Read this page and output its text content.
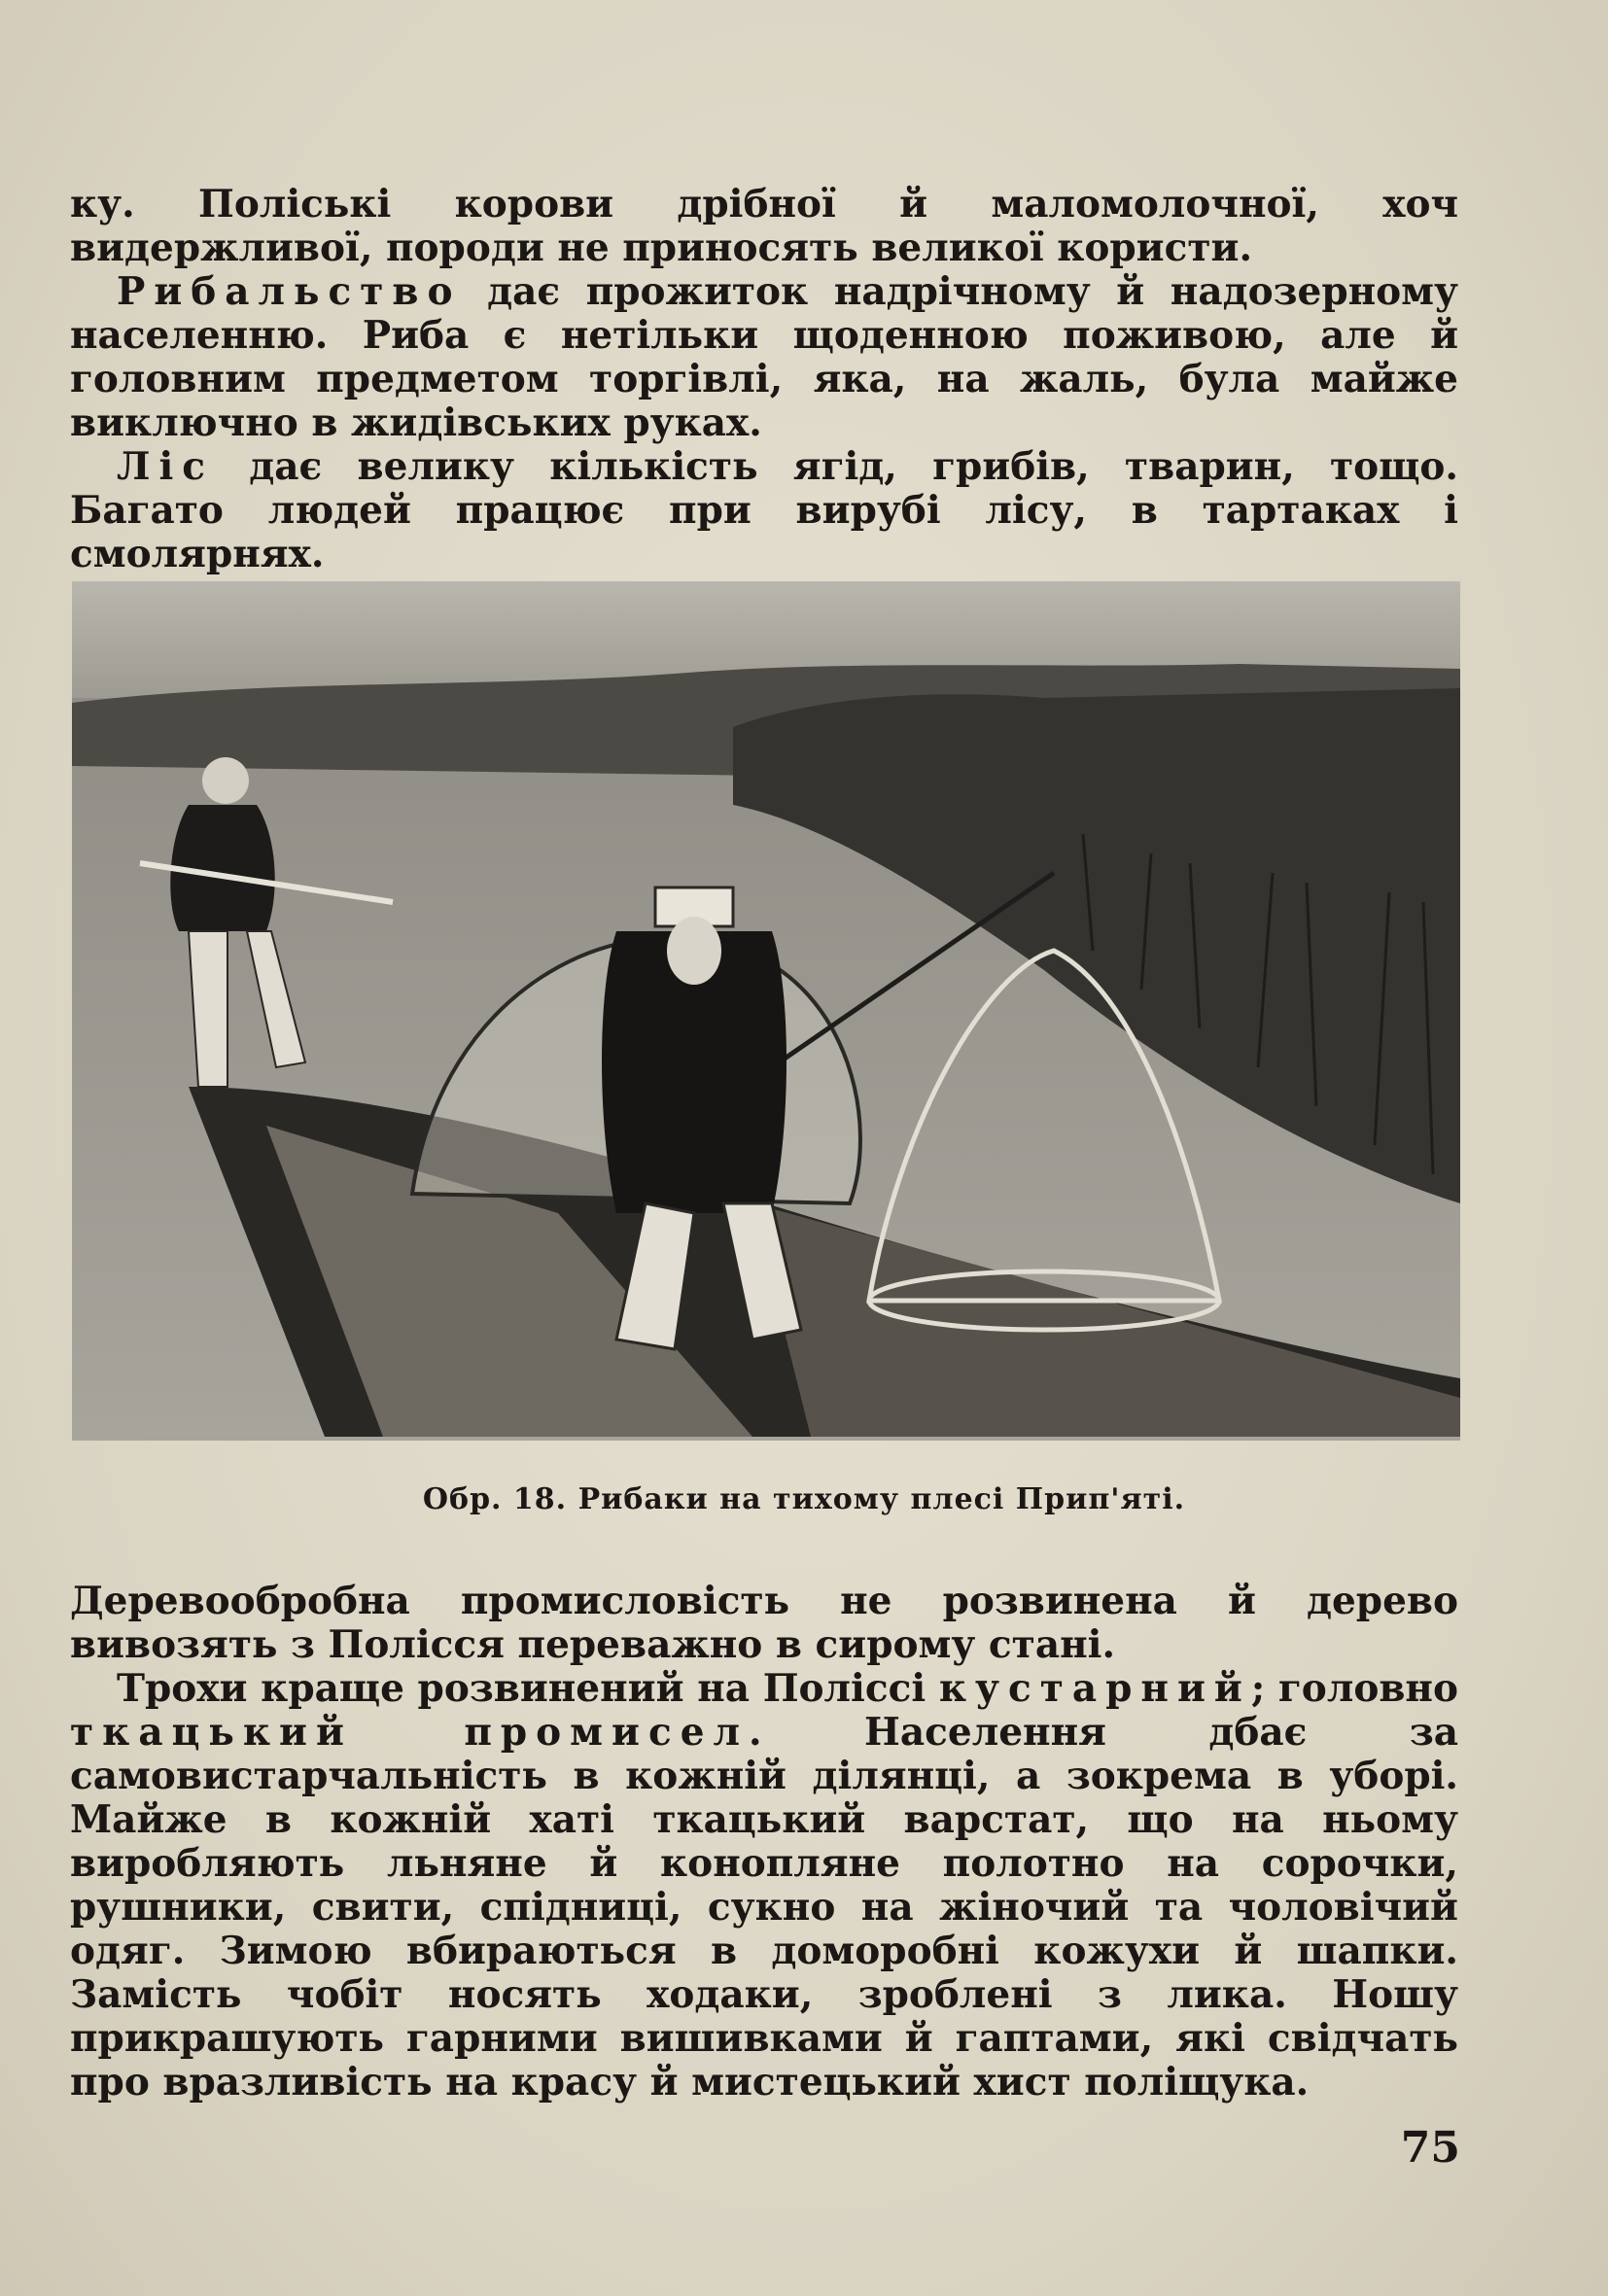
ку. Поліські корови дрібної й маломолочної, хоч видержливої, породи не приносять великої користи.

Рибальство дає прожиток надрічному й надозерному населенню. Риба є нетільки щоденною поживою, але й головним предметом торгівлі, яка, на жаль, була майже виключно в жидівських руках.

Ліс дає велику кількість ягід, грибів, тварин, тощо. Багато людей працює при вирубі лісу, в тартаках і смолярнях.

Обр. 18. Рибаки на тихому плесі Прип'яті.

Деревообробна промисловість не розвинена й дерево вивозять з Полісся переважно в сирому стані.

Трохи краще розвинений на Поліссі кустарний; головно ткацький промисел. Населення дбає за самовистарчальність в кожній ділянці, а зокрема в уборі. Майже в кожній хаті ткацький варстат, що на ньому виробляють льняне й конопляне полотно на сорочки, рушники, свити, спідниці, сукно на жіночий та чоловічий одяг. Зимою вбираються в доморобні кожухи й шапки. Замість чобіт носять ходаки, зроблені з лика. Ношу прикрашують гарними вишивками й гаптами, які свідчать про вразливість на красу й мистецький хист поліщука.

75
